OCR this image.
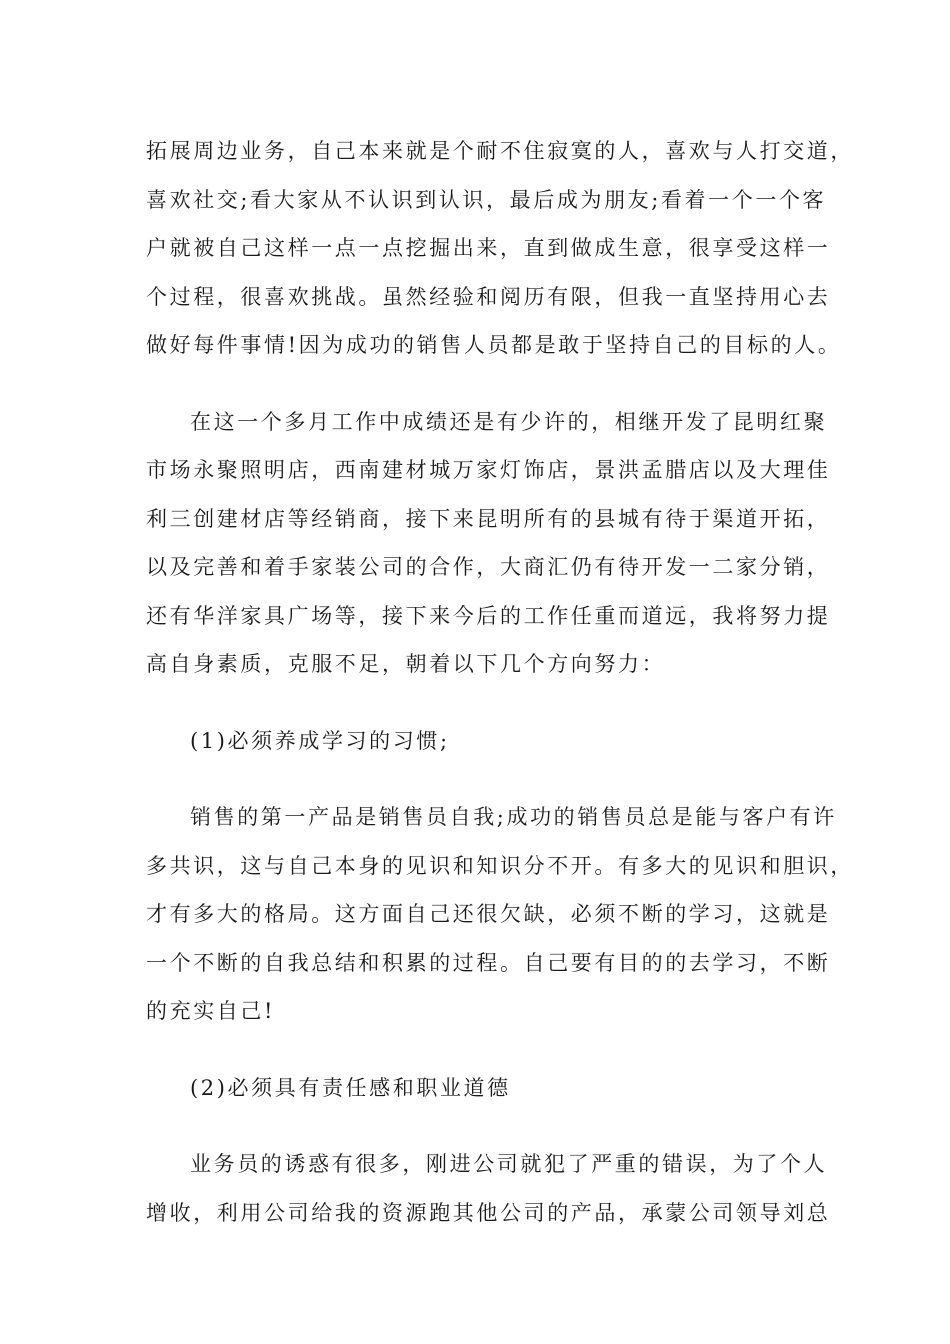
拓展周边业务，自己本来就是个耐不住寂寞的人，喜欢与人打交道，
喜欢社交;看大家从不认识到认识，最后成为朋友;看着一个一个客
户就被自己这样一点一点挖掘出来，直到做成生意，很享受这样一
个过程，很喜欢挑战。虽然经验和阅历有限，但我一直坚持用心去
做好每件事情!因为成功的销售人员都是敢于坚持自己的目标的人。
在这一个多月工作中成绩还是有少许的，相继开发了昆明红聚
市场永聚照明店，西南建材城万家灯饰店，景洪孟腊店以及大理佳
利三创建材店等经销商，接下来昆明所有的县城有待于渠道开拓，
以及完善和着手家装公司的合作，大商汇仍有待开发一二家分销，
还有华洋家具广场等，接下来今后的工作任重而道远，我将努力提
高自身素质，克服不足，朝着以下几个方向努力：
(1)必须养成学习的习惯;
销售的第一产品是销售员自我;成功的销售员总是能与客户有许
多共识，这与自己本身的见识和知识分不开。有多大的见识和胆识，
才有多大的格局。这方面自己还很欠缺，必须不断的学习，这就是
一个不断的自我总结和积累的过程。自己要有目的的去学习，不断
的充实自己!
(2)必须具有责任感和职业道德
业务员的诱惑有很多，刚进公司就犯了严重的错误，为了个人
增收，利用公司给我的资源跑其他公司的产品，承蒙公司领导刘总
